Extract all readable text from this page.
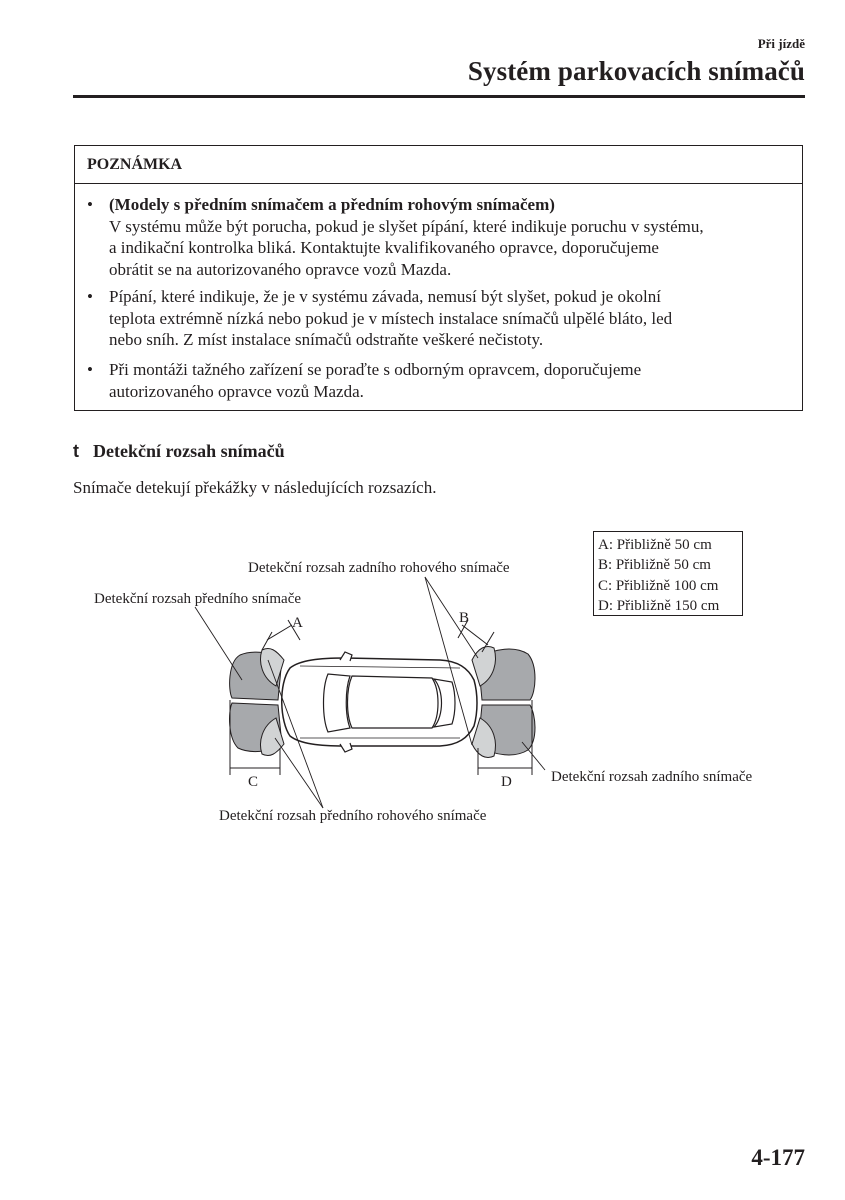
Při jízdě
Systém parkovacích snímačů
POZNÁMKA
• (Modely s předním snímačem a předním rohovým snímačem)
V systému může být porucha, pokud je slyšet pípání, které indikuje poruchu v systému,
a indikační kontrolka bliká. Kontaktujte kvalifikovaného opravce, doporučujeme
obrátit se na autorizovaného opravce vozů Mazda.
• Pípání, které indikuje, že je v systému závada, nemusí být slyšet, pokud je okolní
teplota extrémně nízká nebo pokud je v místech instalace snímačů ulpělé bláto, led
nebo sníh. Z míst instalace snímačů odstraňte veškeré nečistoty.
• Při montáži tažného zařízení se poraďte s odborným opravcem, doporučujeme
autorizovaného opravce vozů Mazda.
t Detekční rozsah snímačů
Snímače detekují překážky v následujících rozsazích.
Detekční rozsah zadního rohového snímače
Detekční rozsah předního snímače
Detekční rozsah zadního snímače
Detekční rozsah předního rohového snímače
A	B
C	D
A: Přibližně 50 cm
B: Přibližně 50 cm
C: Přibližně 100 cm
D: Přibližně 150 cm
4-177
